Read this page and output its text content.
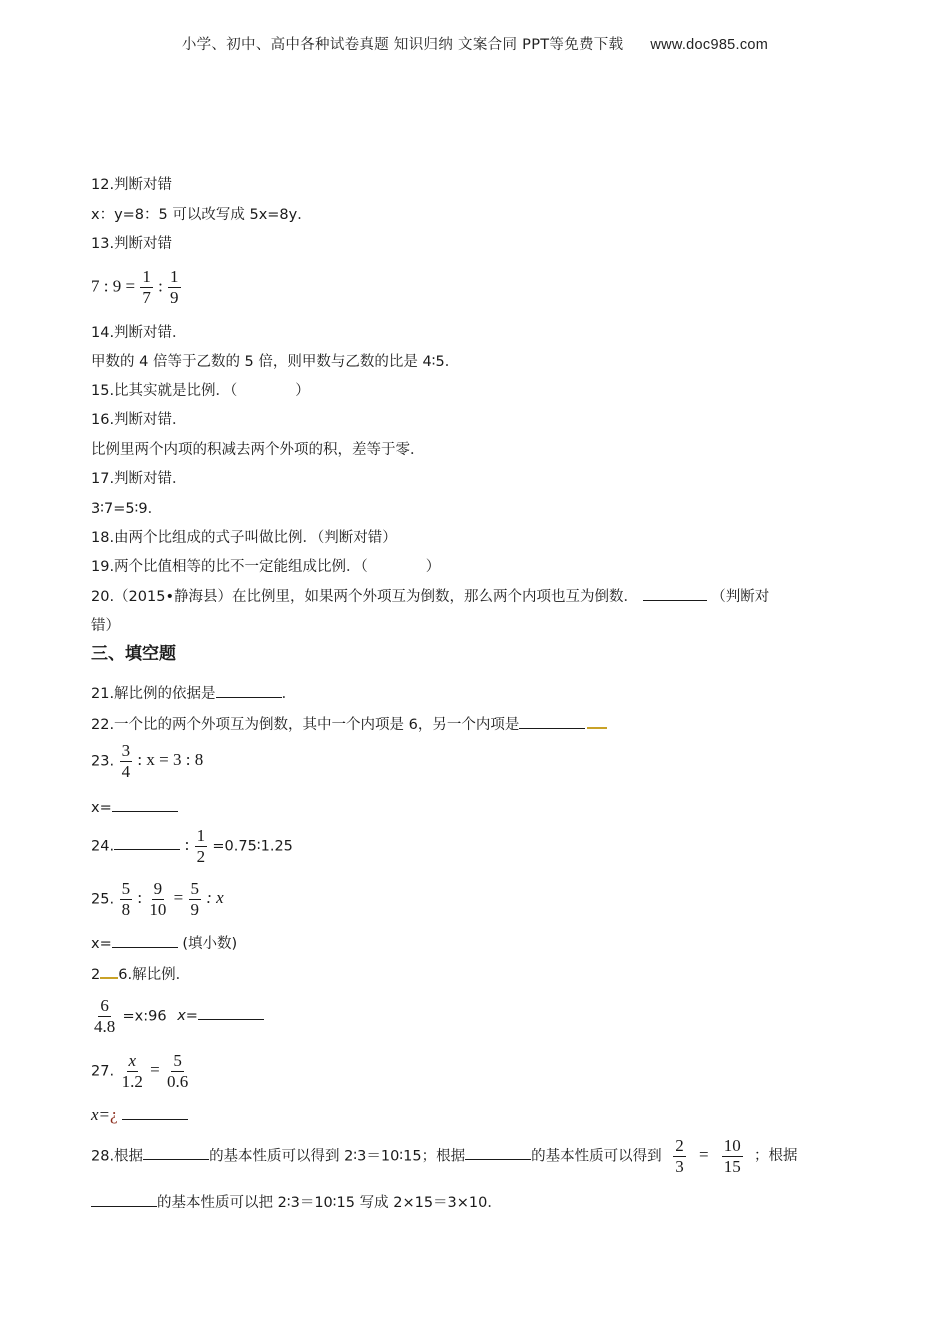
小学、初中、高中各种试卷真题 知识归纳 文案合同 PPT等免费下载 www.doc985.com
12.判断对错
x：y=8：5 可以改写成 5x=8y．
13.判断对错
7 : $9 = \frac{1}{7}$ : $\frac{1}{9}$
14.判断对错．
甲数的 4 倍等于乙数的 5 倍，则甲数与乙数的比是 4∶5．
15.比其实就是比例．（　　　　）
16.判断对错．
比例里两个内项的积减去两个外项的积，差等于零．
17.判断对错．
3∶7=5∶9．
18.由两个比组成的式子叫做比例．（判断对错）
19.两个比值相等的比不一定能组成比例．（　　　　）
20.（2015•静海县）在比例里，如果两个外项互为倒数，那么两个内项也互为倒数．	（判断对
错）
三、填空题
21.解比例的依据是	．
22.一个比的两个外项互为倒数，其中一个内项是 6，另一个内项是
23. $\frac{3}{4}$ : x = 3 : 8
x=
24.	: $\frac{1}{2}$ =0.75∶1.25
25. $\frac{5}{8}$ : $\frac{9}{10} = \frac{5}{9}$ : x
x=	(填小数)
2 6.解比例．
$\frac{6}{4.8}$ =x:96 x=
27. $\frac{x}{1.2} = \frac{5}{0.6}$
x=¿
28.根据	的基本性质可以得到 2∶3＝10∶15；根据	的基本性质可以得到 $\frac{2}{3} = \frac{10}{15}$ ；根据
的基本性质可以把 2∶3＝10∶15 写成 2×15＝3×10．
